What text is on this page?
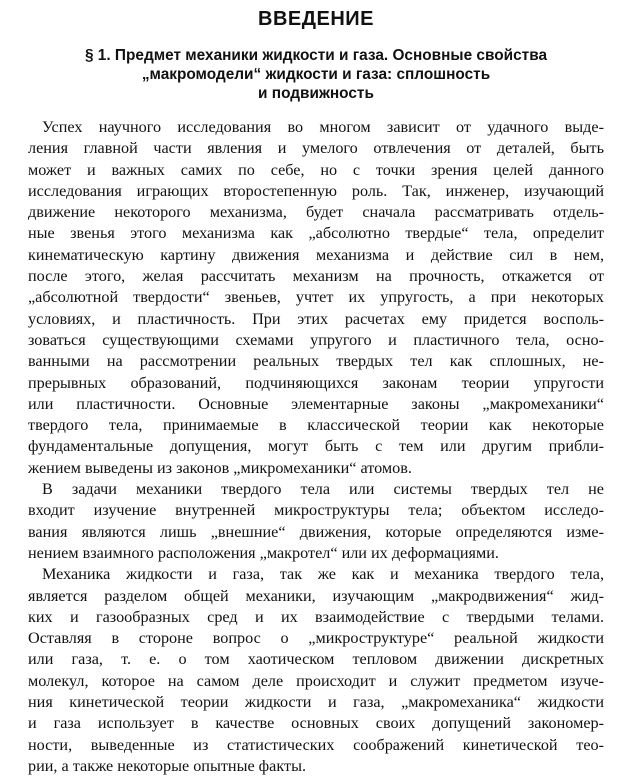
ВВЕДЕНИЕ
§ 1. Предмет механики жидкости и газа. Основные свойства
„макромодели“ жидкости и газа: сплошность
и подвижность

Успех научного исследования во многом зависит от удачного выде-
ления главной части явления и умелого отвлечения от деталей, быть
может и важных самих по себе, но с точки зрения целей данного
исследования играющих второстепенную роль. Так, инженер, изучающий
движение некоторого механизма, будет сначала рассматривать отдель-
ные звенья этого механизма как „абсолютно твердые“ тела, определит
кинематическую картину движения механизма и действие сил в нем,
после этого, желая рассчитать механизм на прочность, откажется от
„абсолютной твердости“ звеньев, учтет их упругость, а при некоторых
условиях, и пластичность. При этих расчетах ему придется восполь-
зоваться существующими схемами упругого и пластичного тела, осно-
ванными на рассмотрении реальных твердых тел как сплошных, не-
прерывных образований, подчиняющихся законам теории упругости
или пластичности. Основные элементарные законы „макромеханики“
твердого тела, принимаемые в классической теории как некоторые
фундаментальные допущения, могут быть с тем или другим прибли-
жением выведены из законов „микромеханики“ атомов.

В задачи механики твердого тела или системы твердых тел не
входит изучение внутренней микроструктуры тела; объектом исследо-
вания являются лишь „внешние“ движения, которые определяются изме-
нением взаимного расположения „макротел“ или их деформациями.

Механика жидкости и газа, так же как и механика твердого тела,
является разделом общей механики, изучающим „макродвижения“ жид-
ких и газообразных сред и их взаимодействие с твердыми телами.
Оставляя в стороне вопрос о „микроструктуре“ реальной жидкости
или газа, т. е. о том хаотическом тепловом движении дискретных
молекул, которое на самом деле происходит и служит предметом изуче-
ния кинетической теории жидкости и газа, „макромеханика“ жидкости
и газа использует в качестве основных своих допущений закономер-
ности, выведенные из статистических соображений кинетической тео-
рии, а также некоторые опытные факты.
